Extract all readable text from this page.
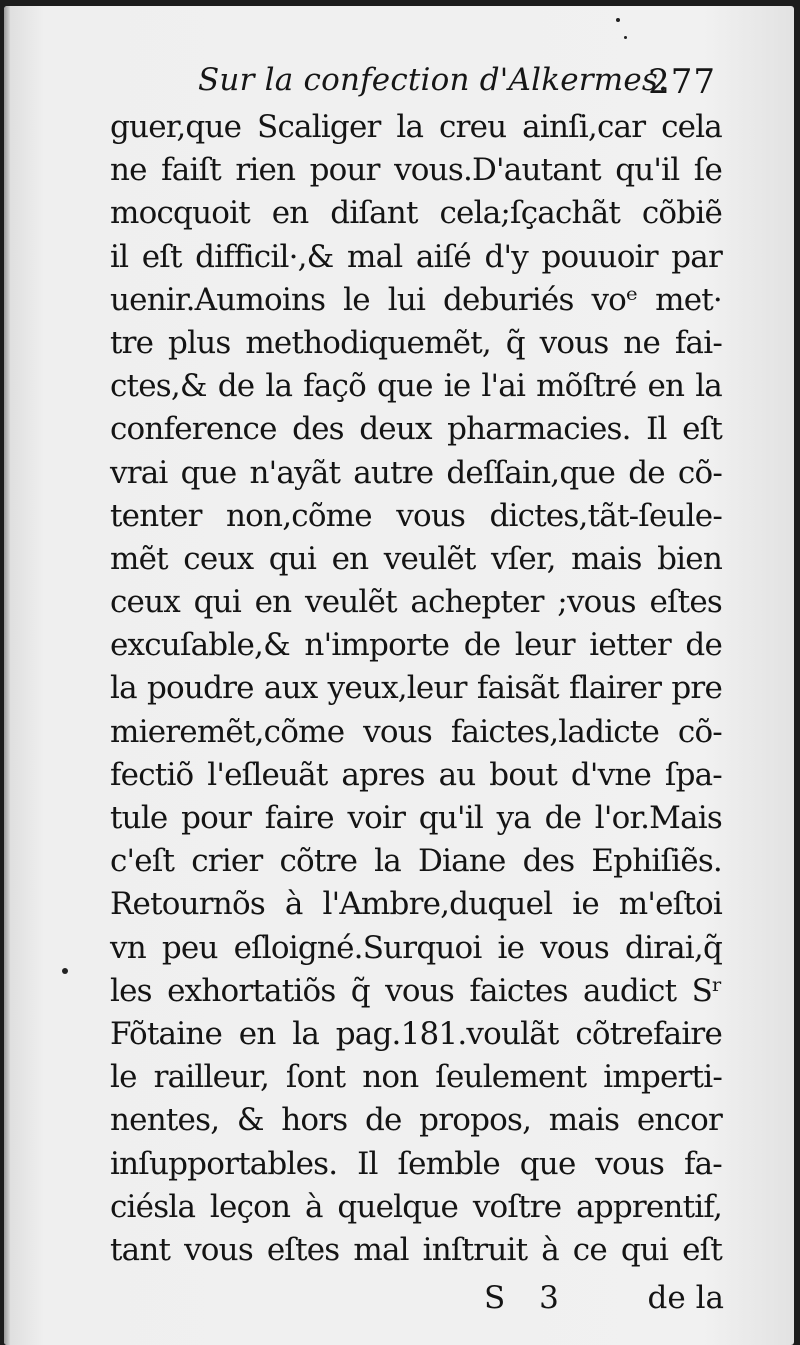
Sur la confection d'Alkermes.
277
guer,que Scaliger la creu ainſi,car cela
ne faiſt rien pour vous.D'autant qu'il ſe
mocquoit en diſant cela;ſçachãt cõbiẽ
il eſt difficil·,& mal aiſé d'y pouuoir par
uenir.Aumoins le lui deburiés voᵉ met·
tre plus methodiquemẽt, q̃ vous ne fai-
ctes,& de la façõ que ie l'ai mõſtré en la
conference des deux pharmacies. Il eſt
vrai que n'ayãt autre deſſain,que de cõ-
tenter non,cõme vous dictes,tãt-ſeule-
mẽt ceux qui en veulẽt vſer, mais bien
ceux qui en veulẽt achepter ;vous eſtes
excuſable,& n'importe de leur ietter de
la poudre aux yeux,leur faisãt flairer pre
mieremẽt,cõme vous faictes,ladicte cõ-
fectiõ l'eſleuãt apres au bout d'vne ſpa-
tule pour faire voir qu'il ya de l'or.Mais
c'eſt crier cõtre la Diane des Ephiſiẽs.
Retournõs à l'Ambre,duquel ie m'eſtoi
vn peu eſloigné.Surquoi ie vous dirai,q̃
les exhortatiõs q̃ vous faictes audict Sʳ
Fõtaine en la pag.181.voulãt cõtrefaire
le railleur, ſont non ſeulement imperti-
nentes, & hors de propos, mais encor
inſupportables. Il ſemble que vous fa-
ciésla leçon à quelque voſtre apprentif,
tant vous eſtes mal inſtruit à ce qui eſt
S 3 de la
